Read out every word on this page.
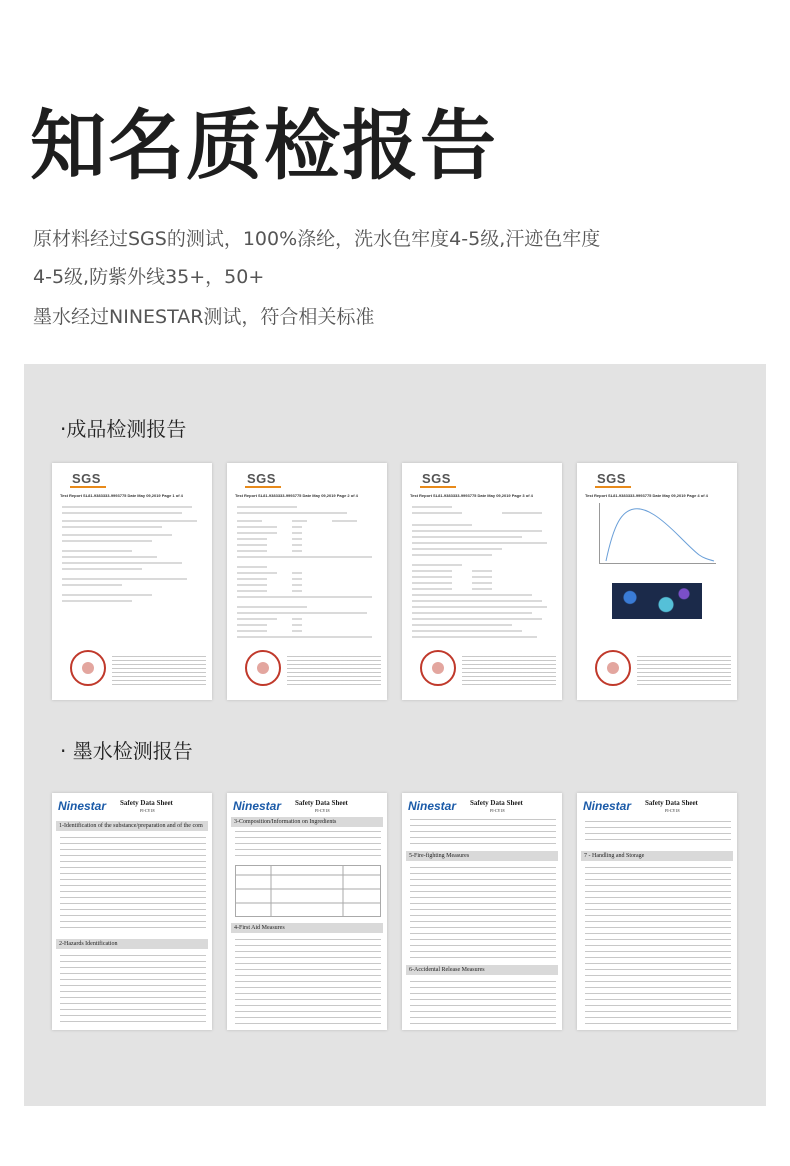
知名质检报告
原材料经过SGS的测试，100%涤纶，洗水色牢度4-5级,汗迹色牢度
4-5级,防紫外线35+，50+
墨水经过NINESTAR测试，符合相关标准
·成品检测报告
SGS
Test Report SL81-9383333-9993775 Date May 09,2019 Page 1 of 4
SGS
Test Report SL81-9383333-9993775 Date May 09,2019 Page 2 of 4
SGS
Test Report SL81-9383333-9993775 Date May 09,2019 Page 3 of 4
SGS
Test Report SL81-9383333-9993775 Date May 09,2019 Page 4 of 4
· 墨水检测报告
Ninestar Safety Data Sheet
FI-CY18
1-Identification of the substance/preparation and of the com
2-Hazards Identification
Ninestar Safety Data Sheet
FI-CY18
3-Composition/Information on Ingredients
4-First Aid Measures
Ninestar Safety Data Sheet
FI-CY18
5-Fire-fighting Measures
6-Accidental Release Measures
Ninestar Safety Data Sheet
FI-CY18
7 - Handling and Storage
